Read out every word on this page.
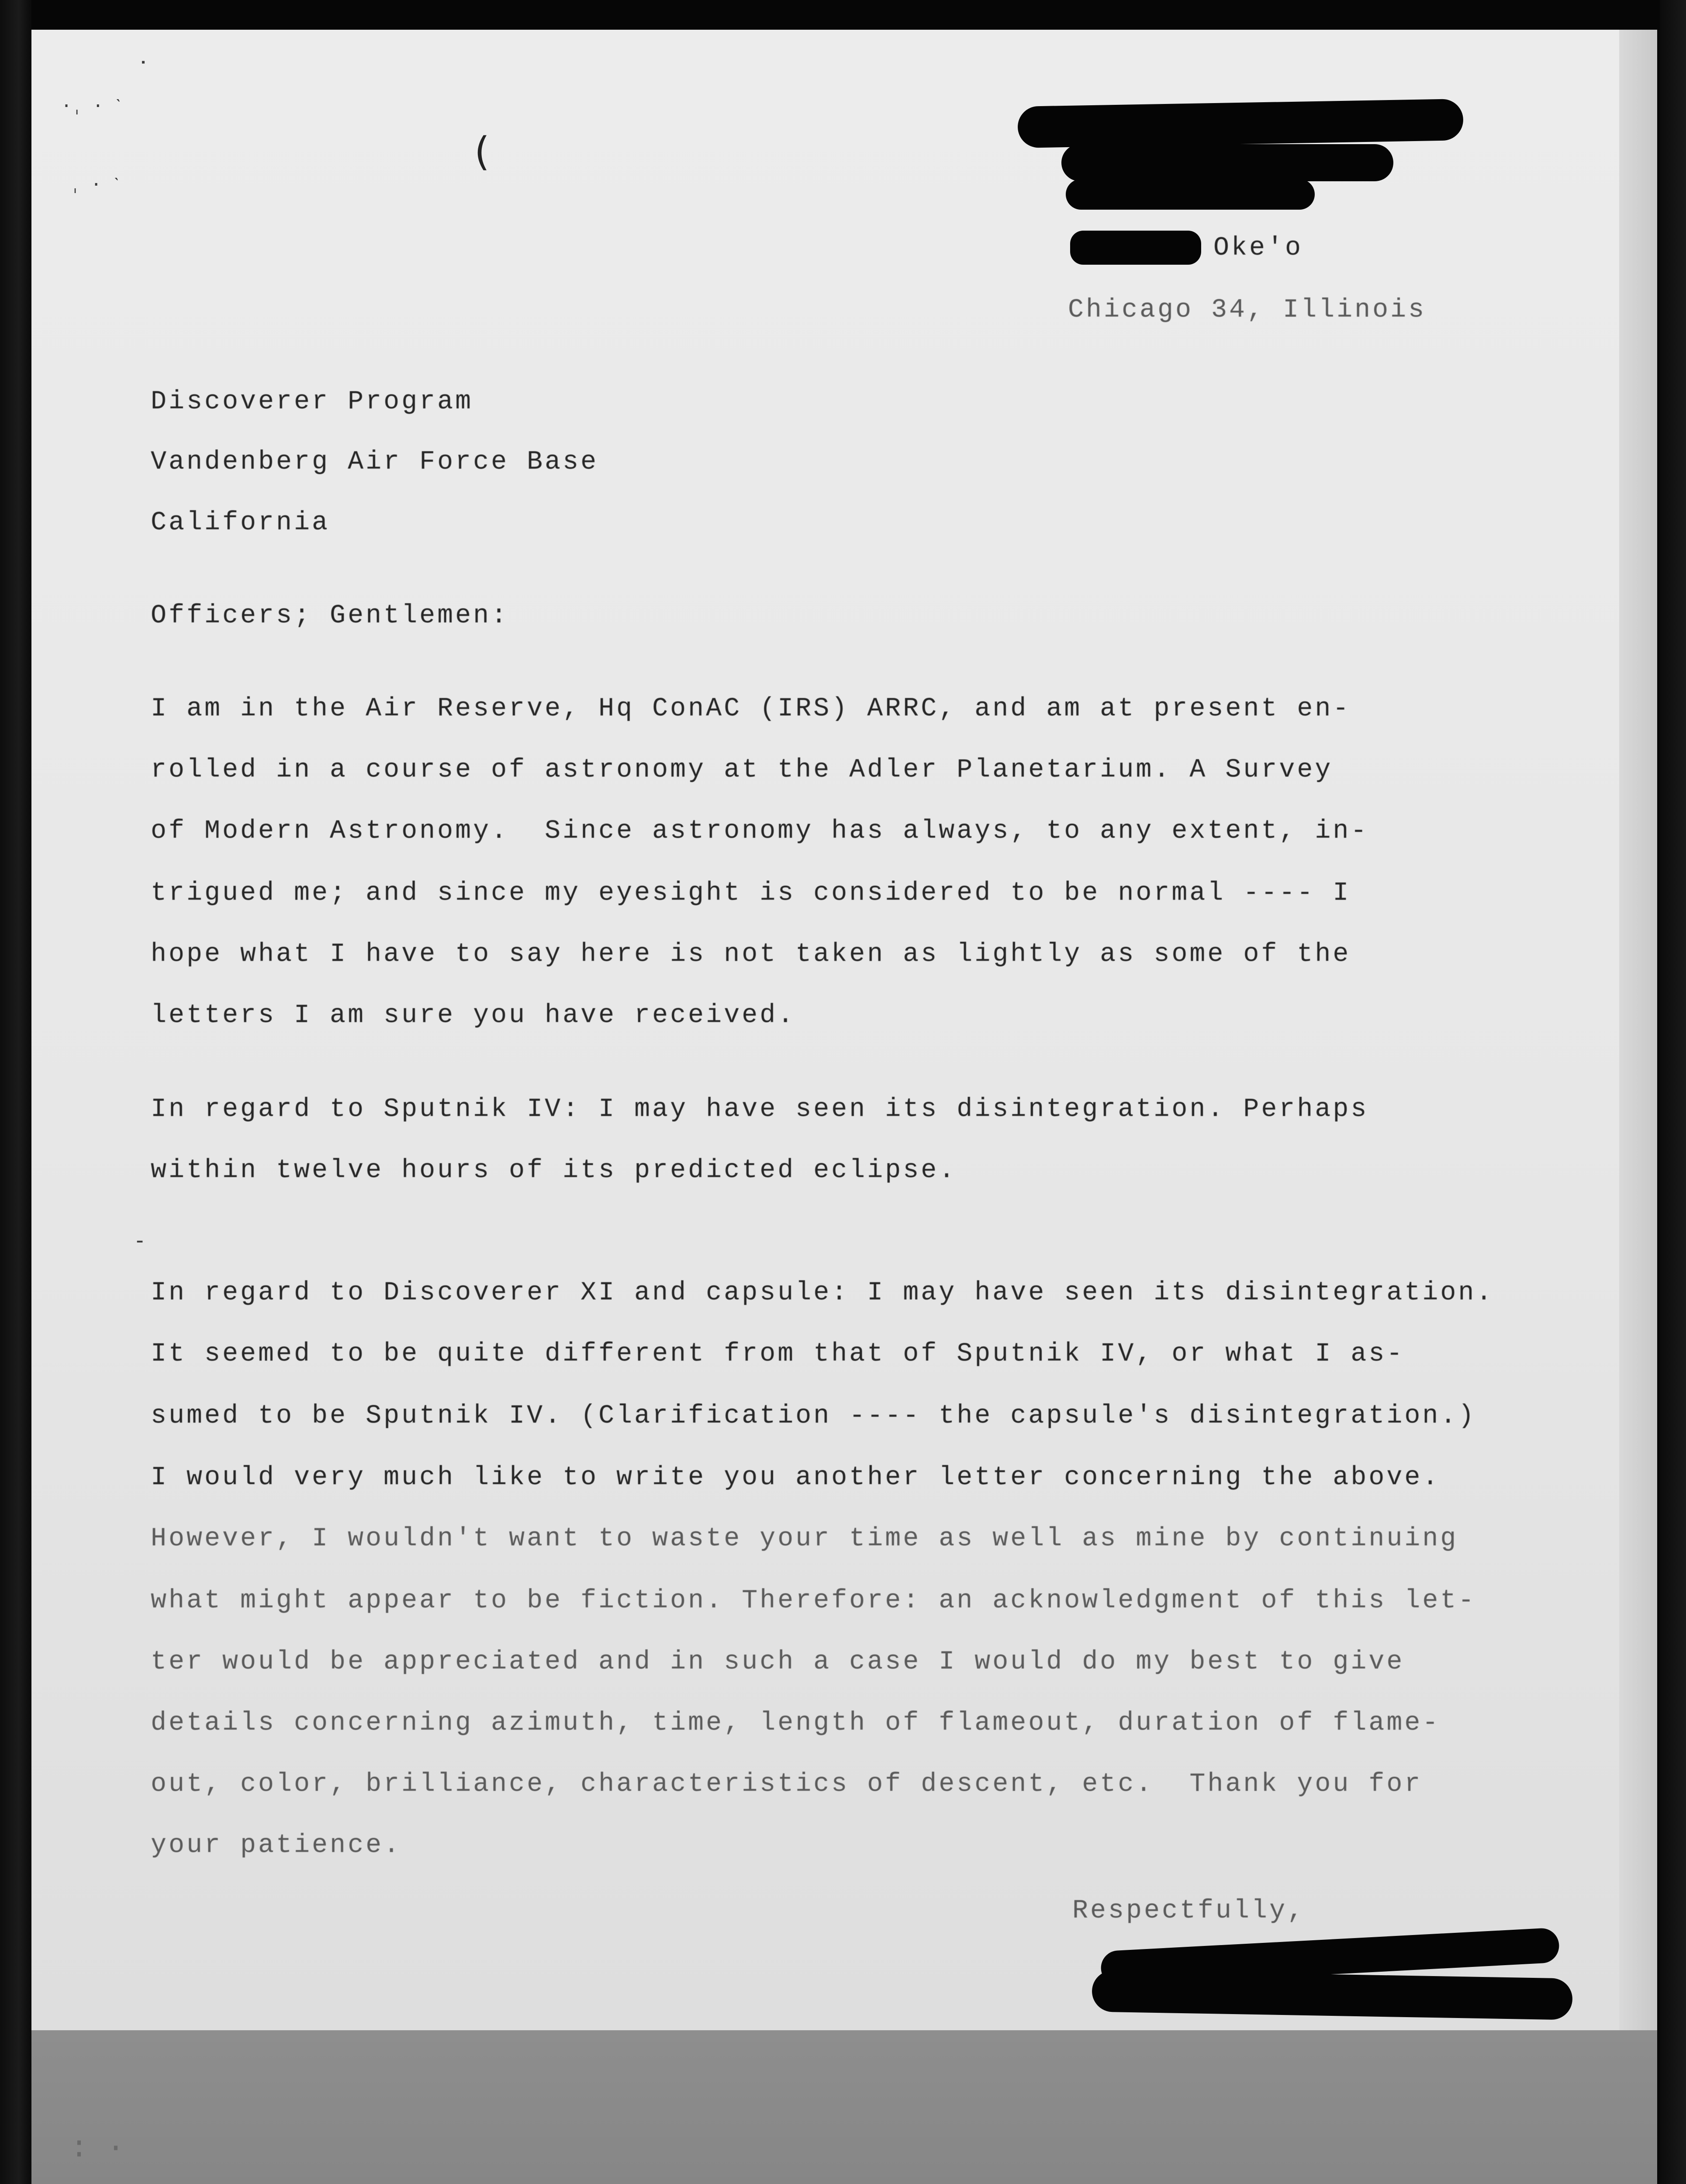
˙
·ˌ · ˋ
ˌ · ˋ
(

Oke'o

Chicago 34, Illinois

Discoverer Program

Vandenberg Air Force Base

California

Officers; Gentlemen:

I am in the Air Reserve, Hq ConAC (IRS) ARRC, and am at present en-

rolled in a course of astronomy at the Adler Planetarium. A Survey

of Modern Astronomy.  Since astronomy has always, to any extent, in-

trigued me; and since my eyesight is considered to be normal ---- I

hope what I have to say here is not taken as lightly as some of the

letters I am sure you have received.

In regard to Sputnik IV: I may have seen its disintegration. Perhaps

within twelve hours of its predicted eclipse.

-

In regard to Discoverer XI and capsule: I may have seen its disintegration.

It seemed to be quite different from that of Sputnik IV, or what I as-

sumed to be Sputnik IV. (Clarification ---- the capsule's disintegration.)

I would very much like to write you another letter concerning the above.

However, I wouldn't want to waste your time as well as mine by continuing

what might appear to be fiction. Therefore: an acknowledgment of this let-

ter would be appreciated and in such a case I would do my best to give

details concerning azimuth, time, length of flameout, duration of flame-

out, color, brilliance, characteristics of descent, etc.  Thank you for

your patience.

Respectfully,

: ·
